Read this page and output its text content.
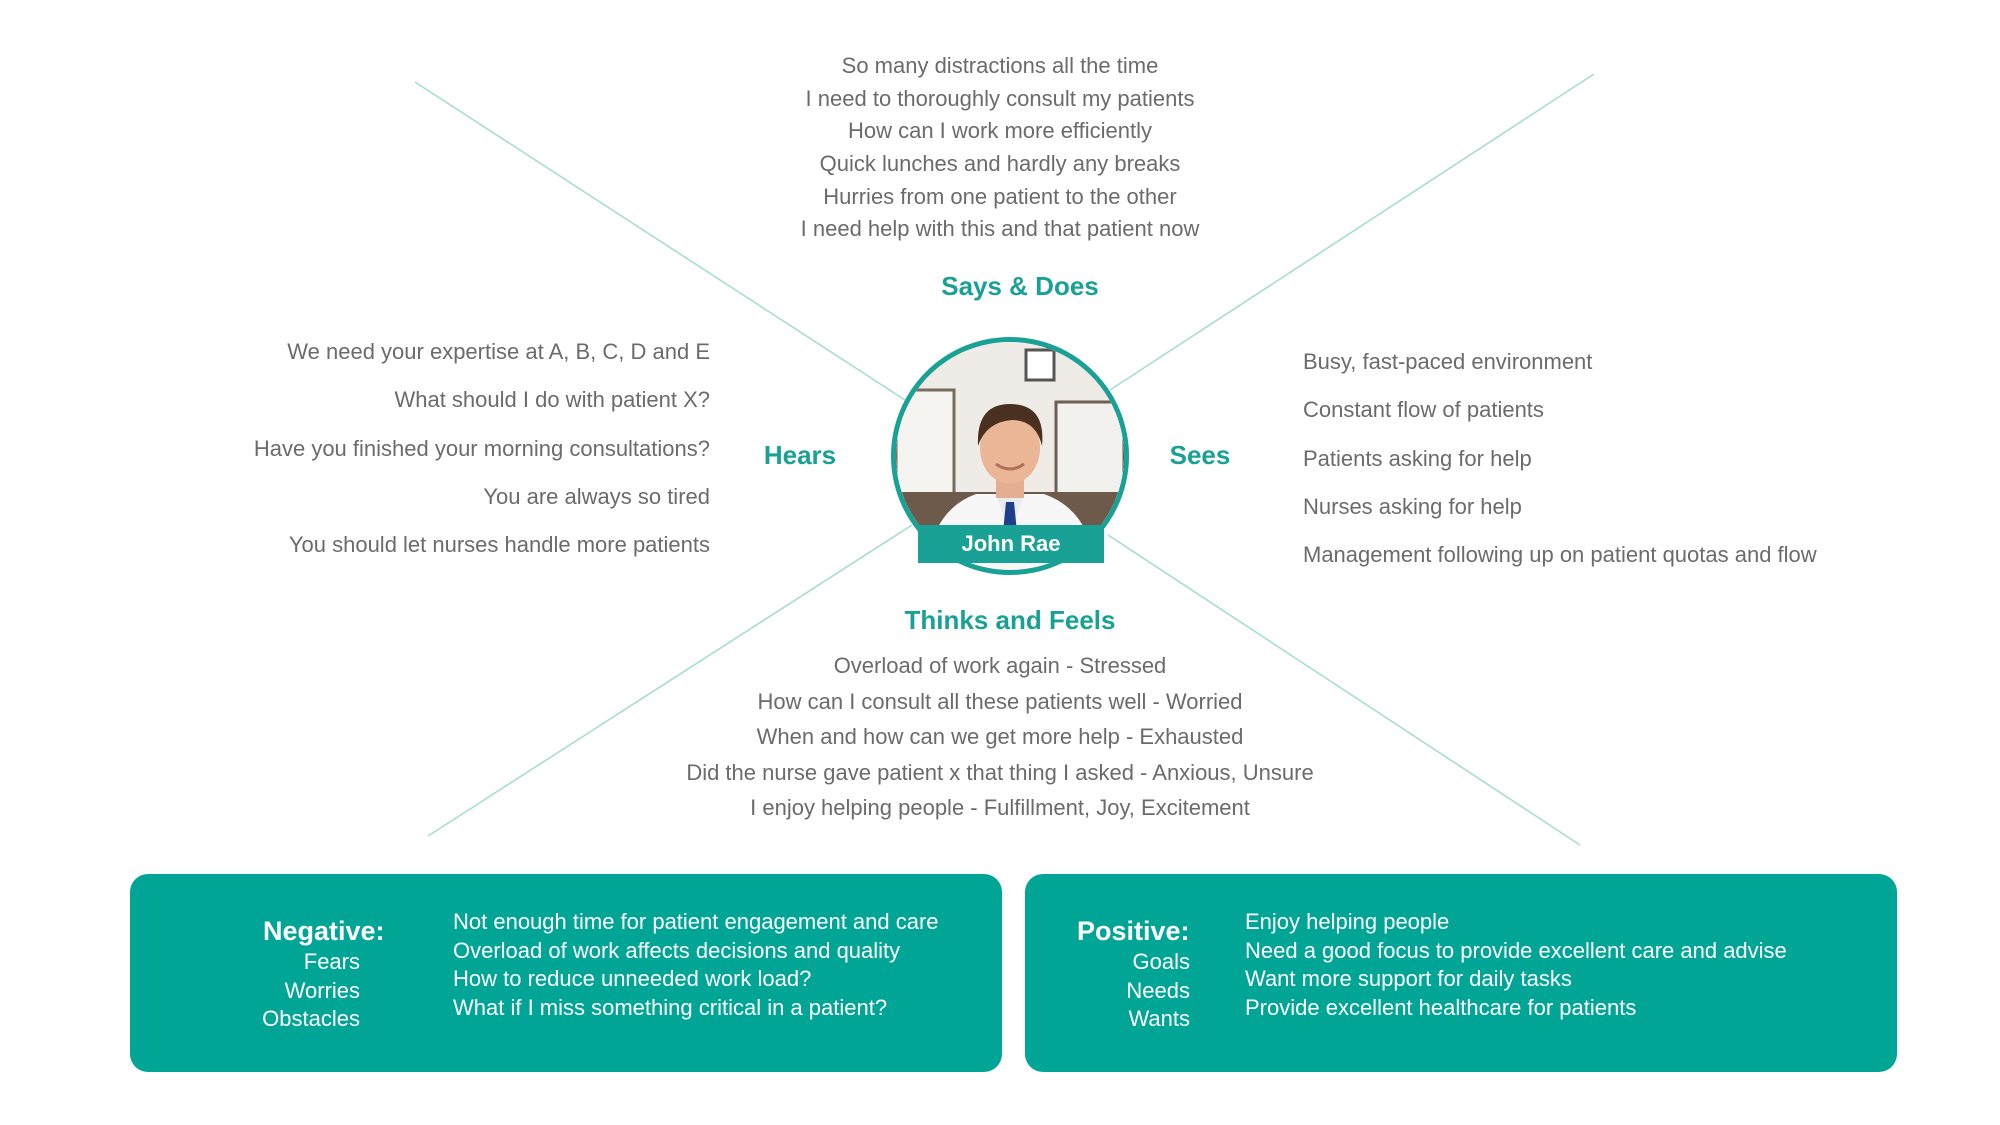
So many distractions all the time
I need to thoroughly consult my patients
How can I work more efficiently
Quick lunches and hardly any breaks
Hurries from one patient to the other
I need help with this and that patient now
Says & Does
We need your expertise at A, B, C, D and E
What should I do with patient X?
Have you finished your morning consultations?
You are always so tired
You should let nurses handle more patients
Hears
Busy, fast-paced environment
Constant flow of patients
Patients asking for help
Nurses asking for help
Management following up on patient quotas and flow
Sees
John Rae
Thinks and Feels
Overload of work again - Stressed
How can I consult all these patients well - Worried
When and how can we get more help - Exhausted
Did the nurse gave patient x that thing I asked - Anxious, Unsure
I enjoy helping people - Fulfillment, Joy, Excitement
Negative:
Fears
Worries
Obstacles
Not enough time for patient engagement and care
Overload of work affects decisions and quality
How to reduce unneeded work load?
What if I miss something critical in a patient?
Positive:
Goals
Needs
Wants
Enjoy helping people
Need a good focus to provide excellent care and advise
Want more support for daily tasks
Provide excellent healthcare for patients
